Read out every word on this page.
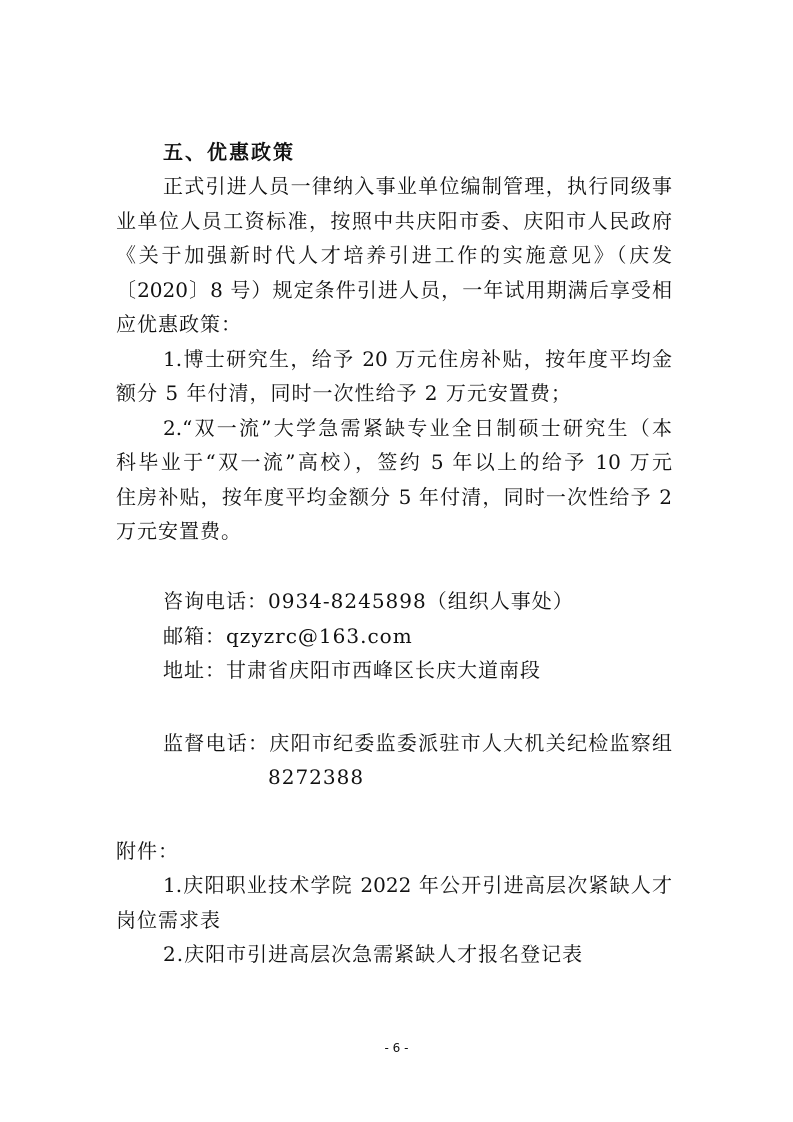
五、优惠政策
正式引进人员一律纳入事业单位编制管理，执行同级事
业单位人员工资标准，按照中共庆阳市委、庆阳市人民政府
《关于加强新时代人才培养引进工作的实施意见》（庆发
〔2020〕8 号）规定条件引进人员，一年试用期满后享受相
应优惠政策：
1.博士研究生，给予 20 万元住房补贴，按年度平均金
额分 5 年付清，同时一次性给予 2 万元安置费；
2.“双一流”大学急需紧缺专业全日制硕士研究生（本
科毕业于“双一流”高校），签约 5 年以上的给予 10 万元
住房补贴，按年度平均金额分 5 年付清，同时一次性给予 2
万元安置费。
咨询电话：0934-8245898（组织人事处）
邮箱：qzyzrc@163.com
地址：甘肃省庆阳市西峰区长庆大道南段
监督电话：庆阳市纪委监委派驻市人大机关纪检监察组
8272388
附件：
1.庆阳职业技术学院 2022 年公开引进高层次紧缺人才
岗位需求表
2.庆阳市引进高层次急需紧缺人才报名登记表
- 6 -
